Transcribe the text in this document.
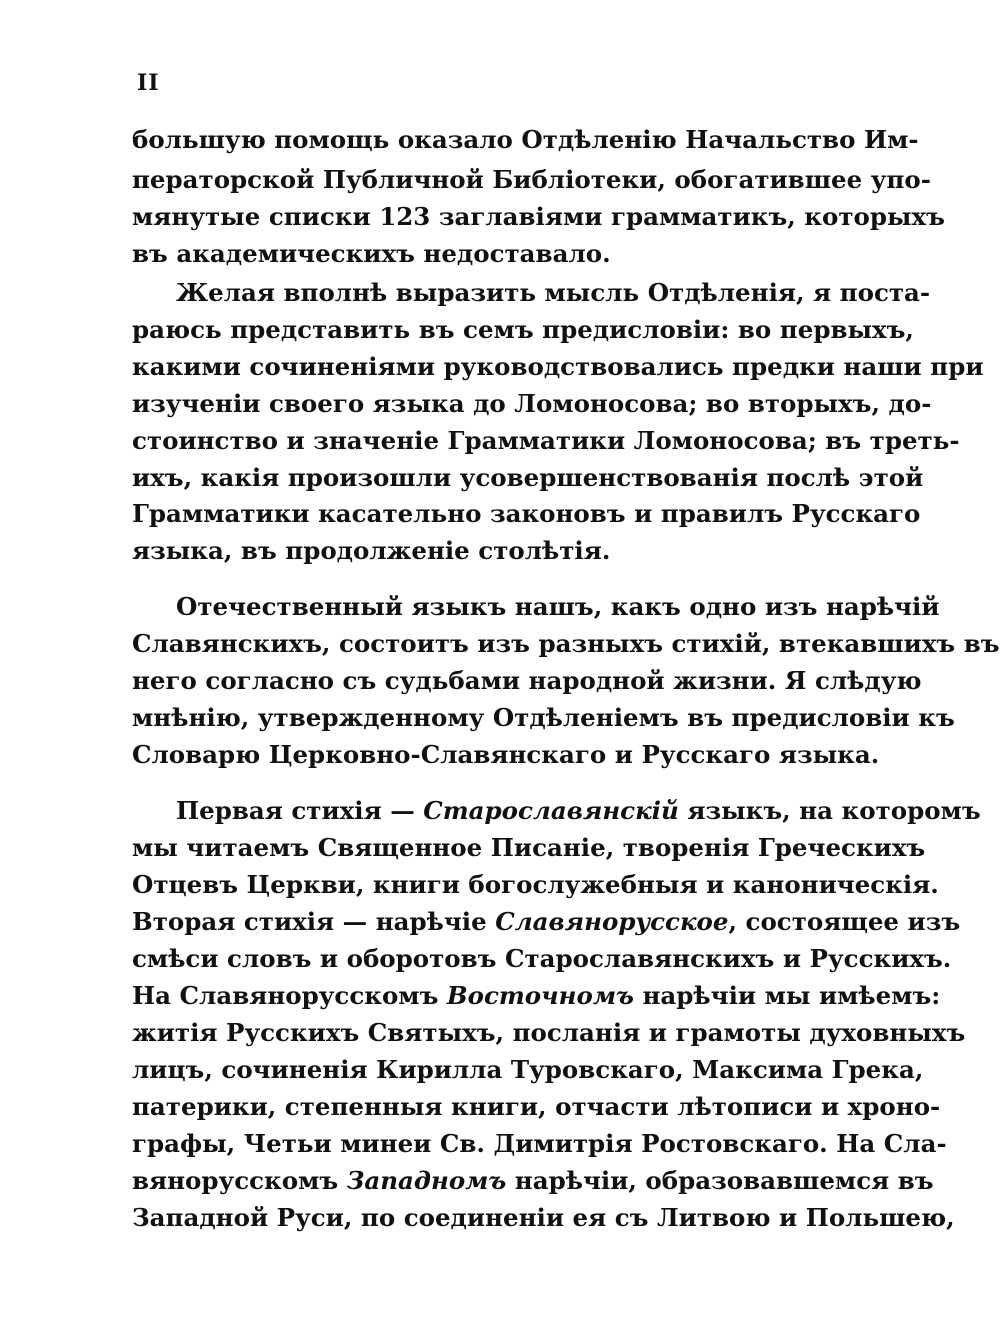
II
большую помощь оказало Отдѣленію Начальство Им-
ператорской Публичной Библіотеки, обогатившее упо-
мянутые списки 123 заглавіями грамматикъ, которыхъ
въ академическихъ недоставало.
Желая вполнѣ выразить мысль Отдѣленія, я поста-
раюсь представить въ семъ предисловіи: во первыхъ,
какими сочиненіями руководствовались предки наши при
изученіи своего языка до Ломоносова; во вторыхъ, до-
стоинство и значеніе Грамматики Ломоносова; въ треть-
ихъ, какія произошли усовершенствованія послѣ этой
Грамматики касательно законовъ и правилъ Русскаго
языка, въ продолженіе столѣтія.
Отечественный языкъ нашъ, какъ одно изъ нарѣчій
Славянскихъ, состоитъ изъ разныхъ стихій, втекавшихъ въ
него согласно съ судьбами народной жизни. Я слѣдую
мнѣнію, утвержденному Отдѣленіемъ въ предисловіи къ
Словарю Церковно-Славянскаго и Русскаго языка.
Первая стихія — Старославянскій языкъ, на которомъ
мы читаемъ Священное Писаніе, творенія Греческихъ
Отцевъ Церкви, книги богослужебныя и каноническія.
Вторая стихія — нарѣчіе Славянорусское, состоящее изъ
смѣси словъ и оборотовъ Старославянскихъ и Русскихъ.
На Славянорусскомъ Восточномъ нарѣчіи мы имѣемъ:
житія Русскихъ Святыхъ, посланія и грамоты духовныхъ
лицъ, сочиненія Кирилла Туровскаго, Максима Грека,
патерики, степенныя книги, отчасти лѣтописи и хроно-
графы, Четьи минеи Св. Димитрія Ростовскаго. На Сла-
вянорусскомъ Западномъ нарѣчіи, образовавшемся въ
Западной Руси, по соединеніи ея съ Литвою и Польшею,
